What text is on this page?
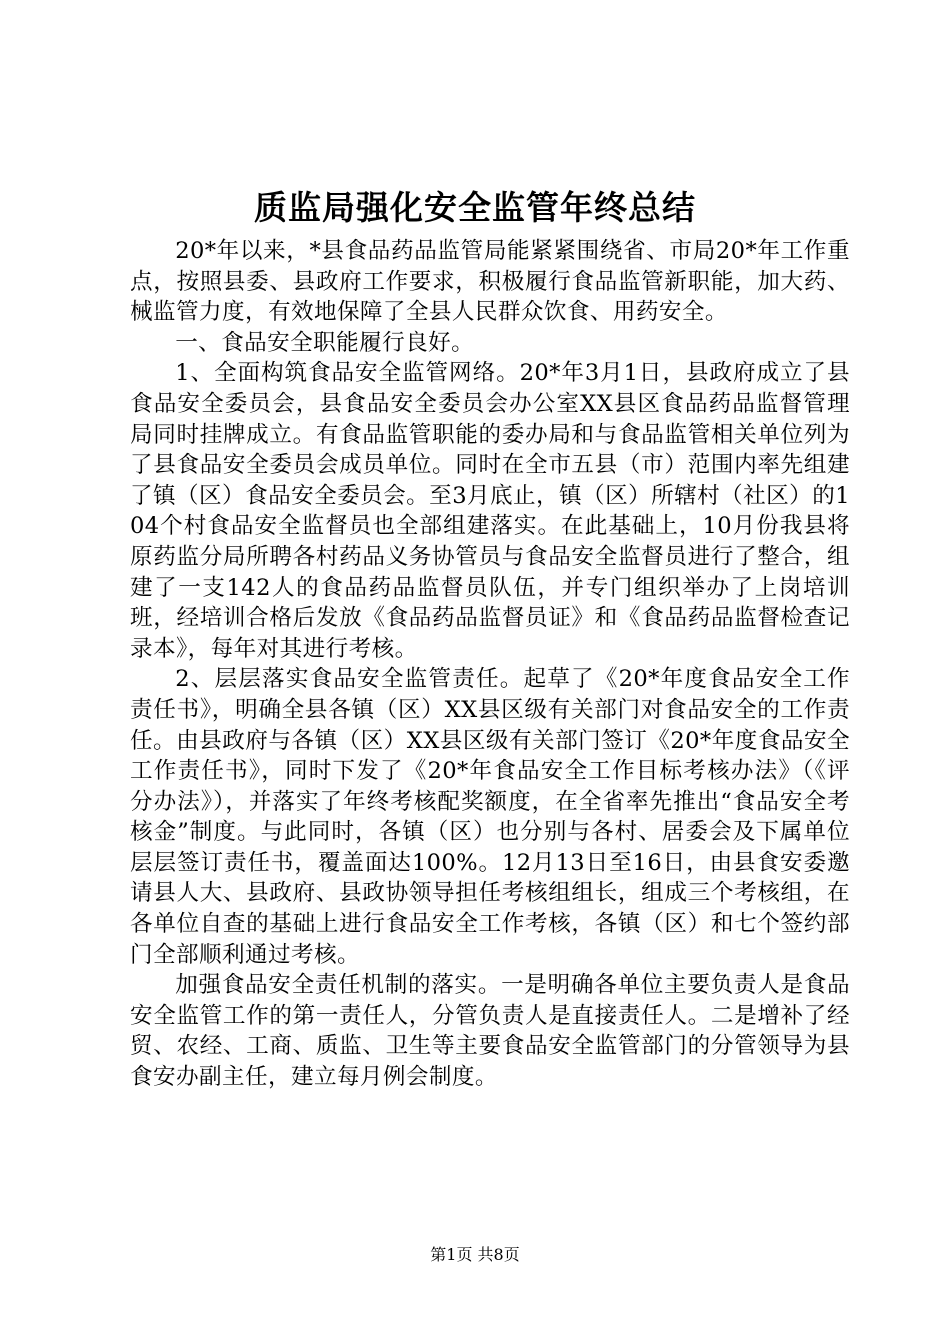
质监局强化安全监管年终总结

20*年以来，*县食品药品监管局能紧紧围绕省、市局20*年工作重点，按照县委、县政府工作要求，积极履行食品监管新职能，加大药、械监管力度，有效地保障了全县人民群众饮食、用药安全。

一、食品安全职能履行良好。

1、全面构筑食品安全监管网络。20*年3月1日，县政府成立了县食品安全委员会，县食品安全委员会办公室XX县区食品药品监督管理局同时挂牌成立。有食品监管职能的委办局和与食品监管相关单位列为了县食品安全委员会成员单位。同时在全市五县（市）范围内率先组建了镇（区）食品安全委员会。至3月底止，镇（区）所辖村（社区）的104个村食品安全监督员也全部组建落实。在此基础上，10月份我县将原药监分局所聘各村药品义务协管员与食品安全监督员进行了整合，组建了一支142人的食品药品监督员队伍，并专门组织举办了上岗培训班，经培训合格后发放《食品药品监督员证》和《食品药品监督检查记录本》，每年对其进行考核。

2、层层落实食品安全监管责任。起草了《20*年度食品安全工作责任书》，明确全县各镇（区）XX县区级有关部门对食品安全的工作责任。由县政府与各镇（区）XX县区级有关部门签订《20*年度食品安全工作责任书》，同时下发了《20*年食品安全工作目标考核办法》（《评分办法》），并落实了年终考核配奖额度，在全省率先推出“食品安全考核金”制度。与此同时，各镇（区）也分别与各村、居委会及下属单位层层签订责任书，覆盖面达100%。12月13日至16日，由县食安委邀请县人大、县政府、县政协领导担任考核组组长，组成三个考核组，在各单位自查的基础上进行食品安全工作考核，各镇（区）和七个签约部门全部顺利通过考核。

加强食品安全责任机制的落实。一是明确各单位主要负责人是食品安全监管工作的第一责任人，分管负责人是直接责任人。二是增补了经贸、农经、工商、质监、卫生等主要食品安全监管部门的分管领导为县食安办副主任，建立每月例会制度。

第1页 共8页
